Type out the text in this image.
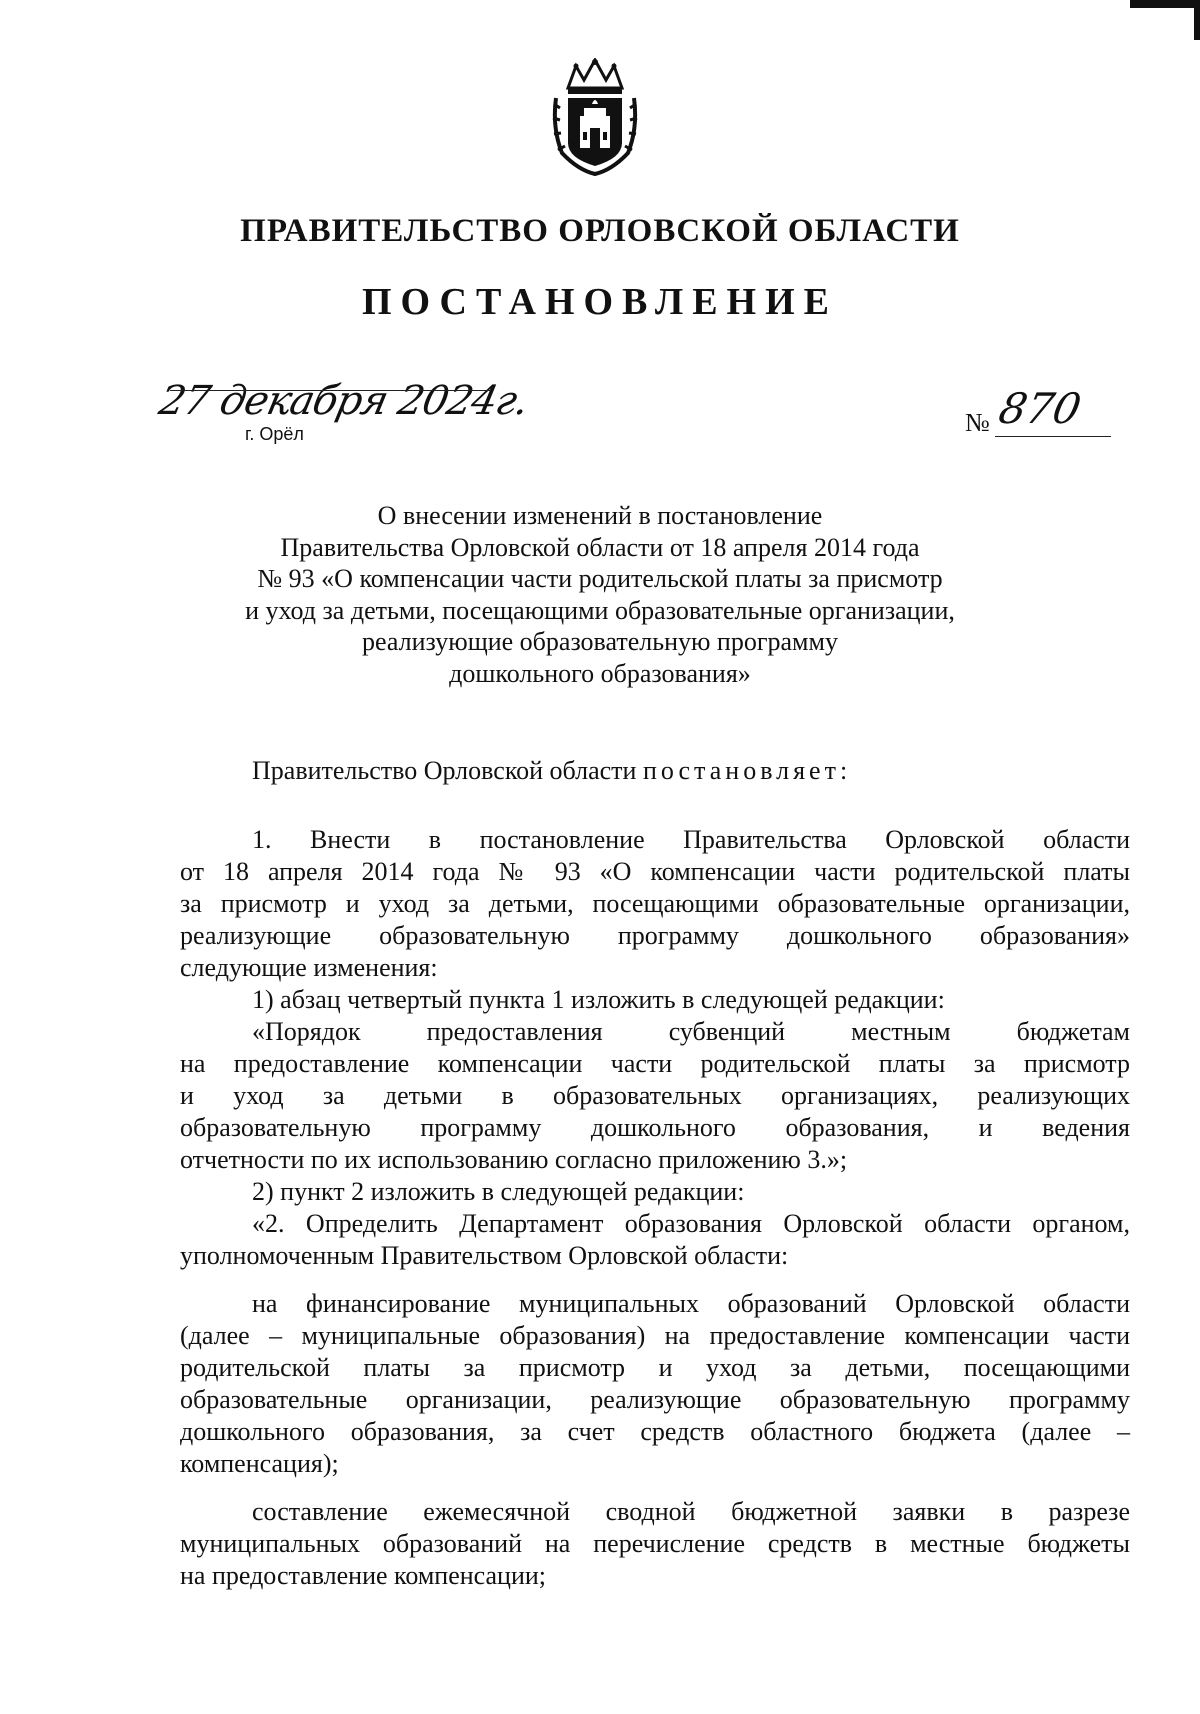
ПРАВИТЕЛЬСТВО ОРЛОВСКОЙ ОБЛАСТИ
ПОСТАНОВЛЕНИЕ
27 декабря 2024г.
г. Орёл	№ 870
О внесении изменений в постановление
Правительства Орловской области от 18 апреля 2014 года
№ 93 «О компенсации части родительской платы за присмотр
и уход за детьми, посещающими образовательные организации,
реализующие образовательную программу
дошкольного образования»
Правительство Орловской области постановляет:
1. Внести в постановление Правительства Орловской области
от 18 апреля 2014 года № 93 «О компенсации части родительской платы
за присмотр и уход за детьми, посещающими образовательные организации,
реализующие образовательную программу дошкольного образования»
следующие изменения:
1) абзац четвертый пункта 1 изложить в следующей редакции:
«Порядок предоставления субвенций местным бюджетам
на предоставление компенсации части родительской платы за присмотр
и уход за детьми в образовательных организациях, реализующих
образовательную программу дошкольного образования, и ведения
отчетности по их использованию согласно приложению 3.»;
2) пункт 2 изложить в следующей редакции:
«2. Определить Департамент образования Орловской области органом,
уполномоченным Правительством Орловской области:
на финансирование муниципальных образований Орловской области
(далее – муниципальные образования) на предоставление компенсации части
родительской платы за присмотр и уход за детьми, посещающими
образовательные организации, реализующие образовательную программу
дошкольного образования, за счет средств областного бюджета (далее –
компенсация);
составление ежемесячной сводной бюджетной заявки в разрезе
муниципальных образований на перечисление средств в местные бюджеты
на предоставление компенсации;
